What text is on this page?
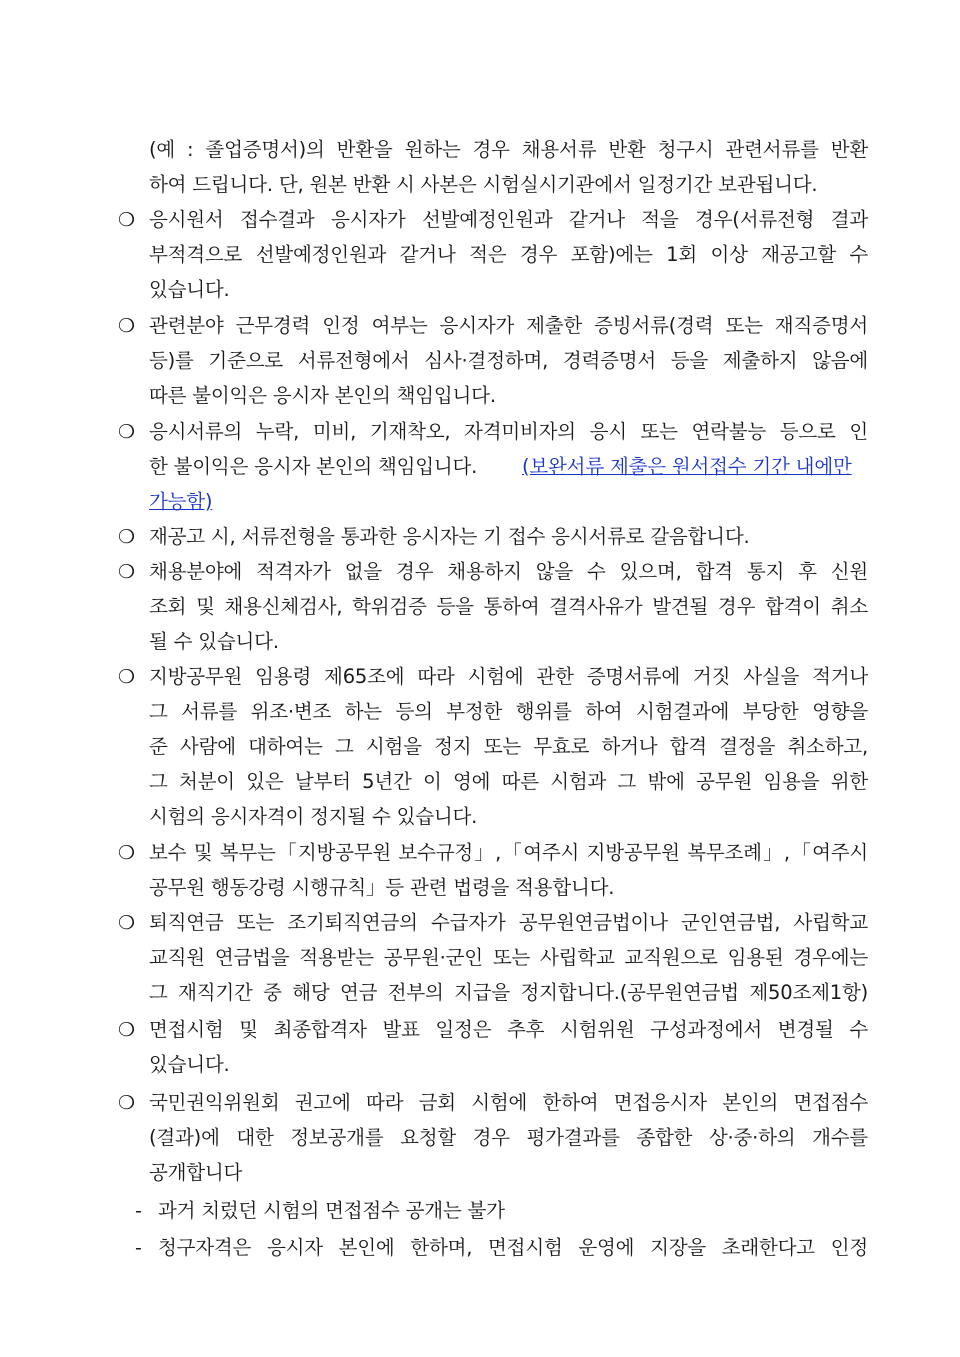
(예 : 졸업증명서)의 반환을 원하는 경우 채용서류 반환 청구시 관련서류를 반환
하여 드립니다. 단, 원본 반환 시 사본은 시험실시기관에서 일정기간 보관됩니다.
❍ 응시원서 접수결과 응시자가 선발예정인원과 같거나 적을 경우(서류전형 결과
부적격으로 선발예정인원과 같거나 적은 경우 포함)에는 1회 이상 재공고할 수
있습니다.
❍ 관련분야 근무경력 인정 여부는 응시자가 제출한 증빙서류(경력 또는 재직증명서
등)를 기준으로 서류전형에서 심사·결정하며, 경력증명서 등을 제출하지 않음에
따른 불이익은 응시자 본인의 책임입니다.
❍ 응시서류의 누락, 미비, 기재착오, 자격미비자의 응시 또는 연락불능 등으로 인
한 불이익은 응시자 본인의 책임입니다. (보완서류 제출은 원서접수 기간 내에만
가능함)
❍ 재공고 시, 서류전형을 통과한 응시자는 기 접수 응시서류로 갈음합니다.
❍ 채용분야에 적격자가 없을 경우 채용하지 않을 수 있으며, 합격 통지 후 신원
조회 및 채용신체검사, 학위검증 등을 통하여 결격사유가 발견될 경우 합격이 취소
될 수 있습니다.
❍ 지방공무원 임용령 제65조에 따라 시험에 관한 증명서류에 거짓 사실을 적거나
그 서류를 위조·변조 하는 등의 부정한 행위를 하여 시험결과에 부당한 영향을
준 사람에 대하여는 그 시험을 정지 또는 무효로 하거나 합격 결정을 취소하고,
그 처분이 있은 날부터 5년간 이 영에 따른 시험과 그 밖에 공무원 임용을 위한
시험의 응시자격이 정지될 수 있습니다.
❍ 보수 및 복무는「지방공무원 보수규정」,「여주시 지방공무원 복무조례」,「여주시
공무원 행동강령 시행규칙」등 관련 법령을 적용합니다.
❍ 퇴직연금 또는 조기퇴직연금의 수급자가 공무원연금법이나 군인연금법, 사립학교
교직원 연금법을 적용받는 공무원·군인 또는 사립학교 교직원으로 임용된 경우에는
그 재직기간 중 해당 연금 전부의 지급을 정지합니다.(공무원연금법 제50조제1항)
❍ 면접시험 및 최종합격자 발표 일정은 추후 시험위원 구성과정에서 변경될 수
있습니다.
❍ 국민권익위원회 권고에 따라 금회 시험에 한하여 면접응시자 본인의 면접점수
(결과)에 대한 정보공개를 요청할 경우 평가결과를 종합한 상·중·하의 개수를
공개합니다
- 과거 치렀던 시험의 면접점수 공개는 불가
- 청구자격은 응시자 본인에 한하며, 면접시험 운영에 지장을 초래한다고 인정
